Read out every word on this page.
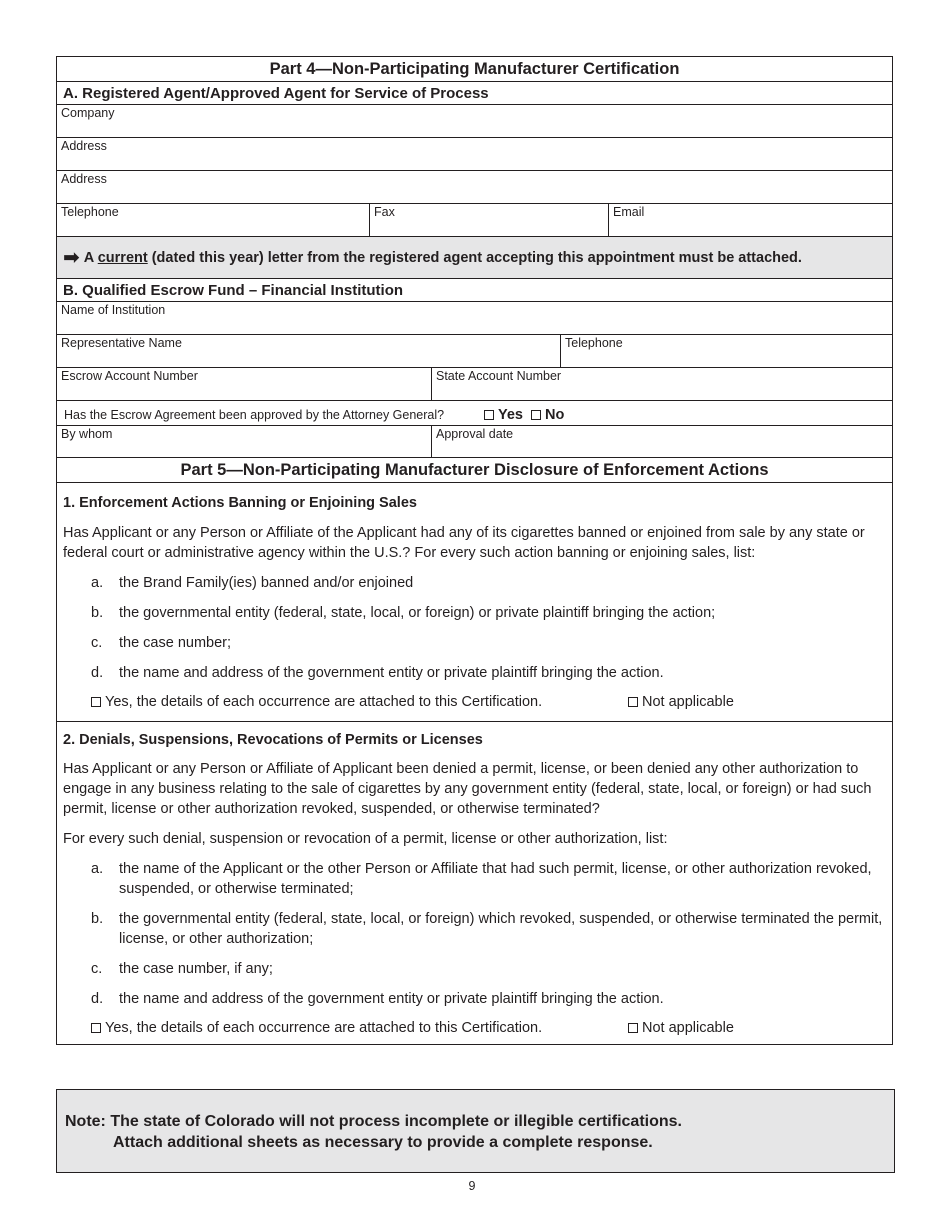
Part 4—Non-Participating Manufacturer Certification
A. Registered Agent/Approved Agent for Service of Process
Company
Address
Address
Telephone	Fax	Email
➡ A current (dated this year) letter from the registered agent accepting this appointment must be attached.
B. Qualified Escrow Fund – Financial Institution
Name of Institution
Representative Name	Telephone
Escrow Account Number	State Account Number
Has the Escrow Agreement been approved by the Attorney General?	Yes	No
By whom	Approval date
Part 5—Non-Participating Manufacturer Disclosure of Enforcement Actions
1. Enforcement Actions Banning or Enjoining Sales

Has Applicant or any Person or Affiliate of the Applicant had any of its cigarettes banned or enjoined from sale by any state or federal court or administrative agency within the U.S.? For every such action banning or enjoining sales, list:

a.	the Brand Family(ies) banned and/or enjoined
b.	the governmental entity (federal, state, local, or foreign) or private plaintiff bringing the action;
c.	the case number;
d.	the name and address of the government entity or private plaintiff bringing the action.
Yes, the details of each occurrence are attached to this Certification.	Not applicable
2. Denials, Suspensions, Revocations of Permits or Licenses

Has Applicant or any Person or Affiliate of Applicant been denied a permit, license, or been denied any other authorization to engage in any business relating to the sale of cigarettes by any government entity (federal, state, local, or foreign) or had such permit, license or other authorization revoked, suspended, or otherwise terminated?

For every such denial, suspension or revocation of a permit, license or other authorization, list:

a.	the name of the Applicant or the other Person or Affiliate that had such permit, license, or other authorization revoked, suspended, or otherwise terminated;
b.	the governmental entity (federal, state, local, or foreign) which revoked, suspended, or otherwise terminated the permit, license, or other authorization;
c.	the case number, if any;
d.	the name and address of the government entity or private plaintiff bringing the action.
Yes, the details of each occurrence are attached to this Certification.	Not applicable
Note: The state of Colorado will not process incomplete or illegible certifications.
Attach additional sheets as necessary to provide a complete response.
9
